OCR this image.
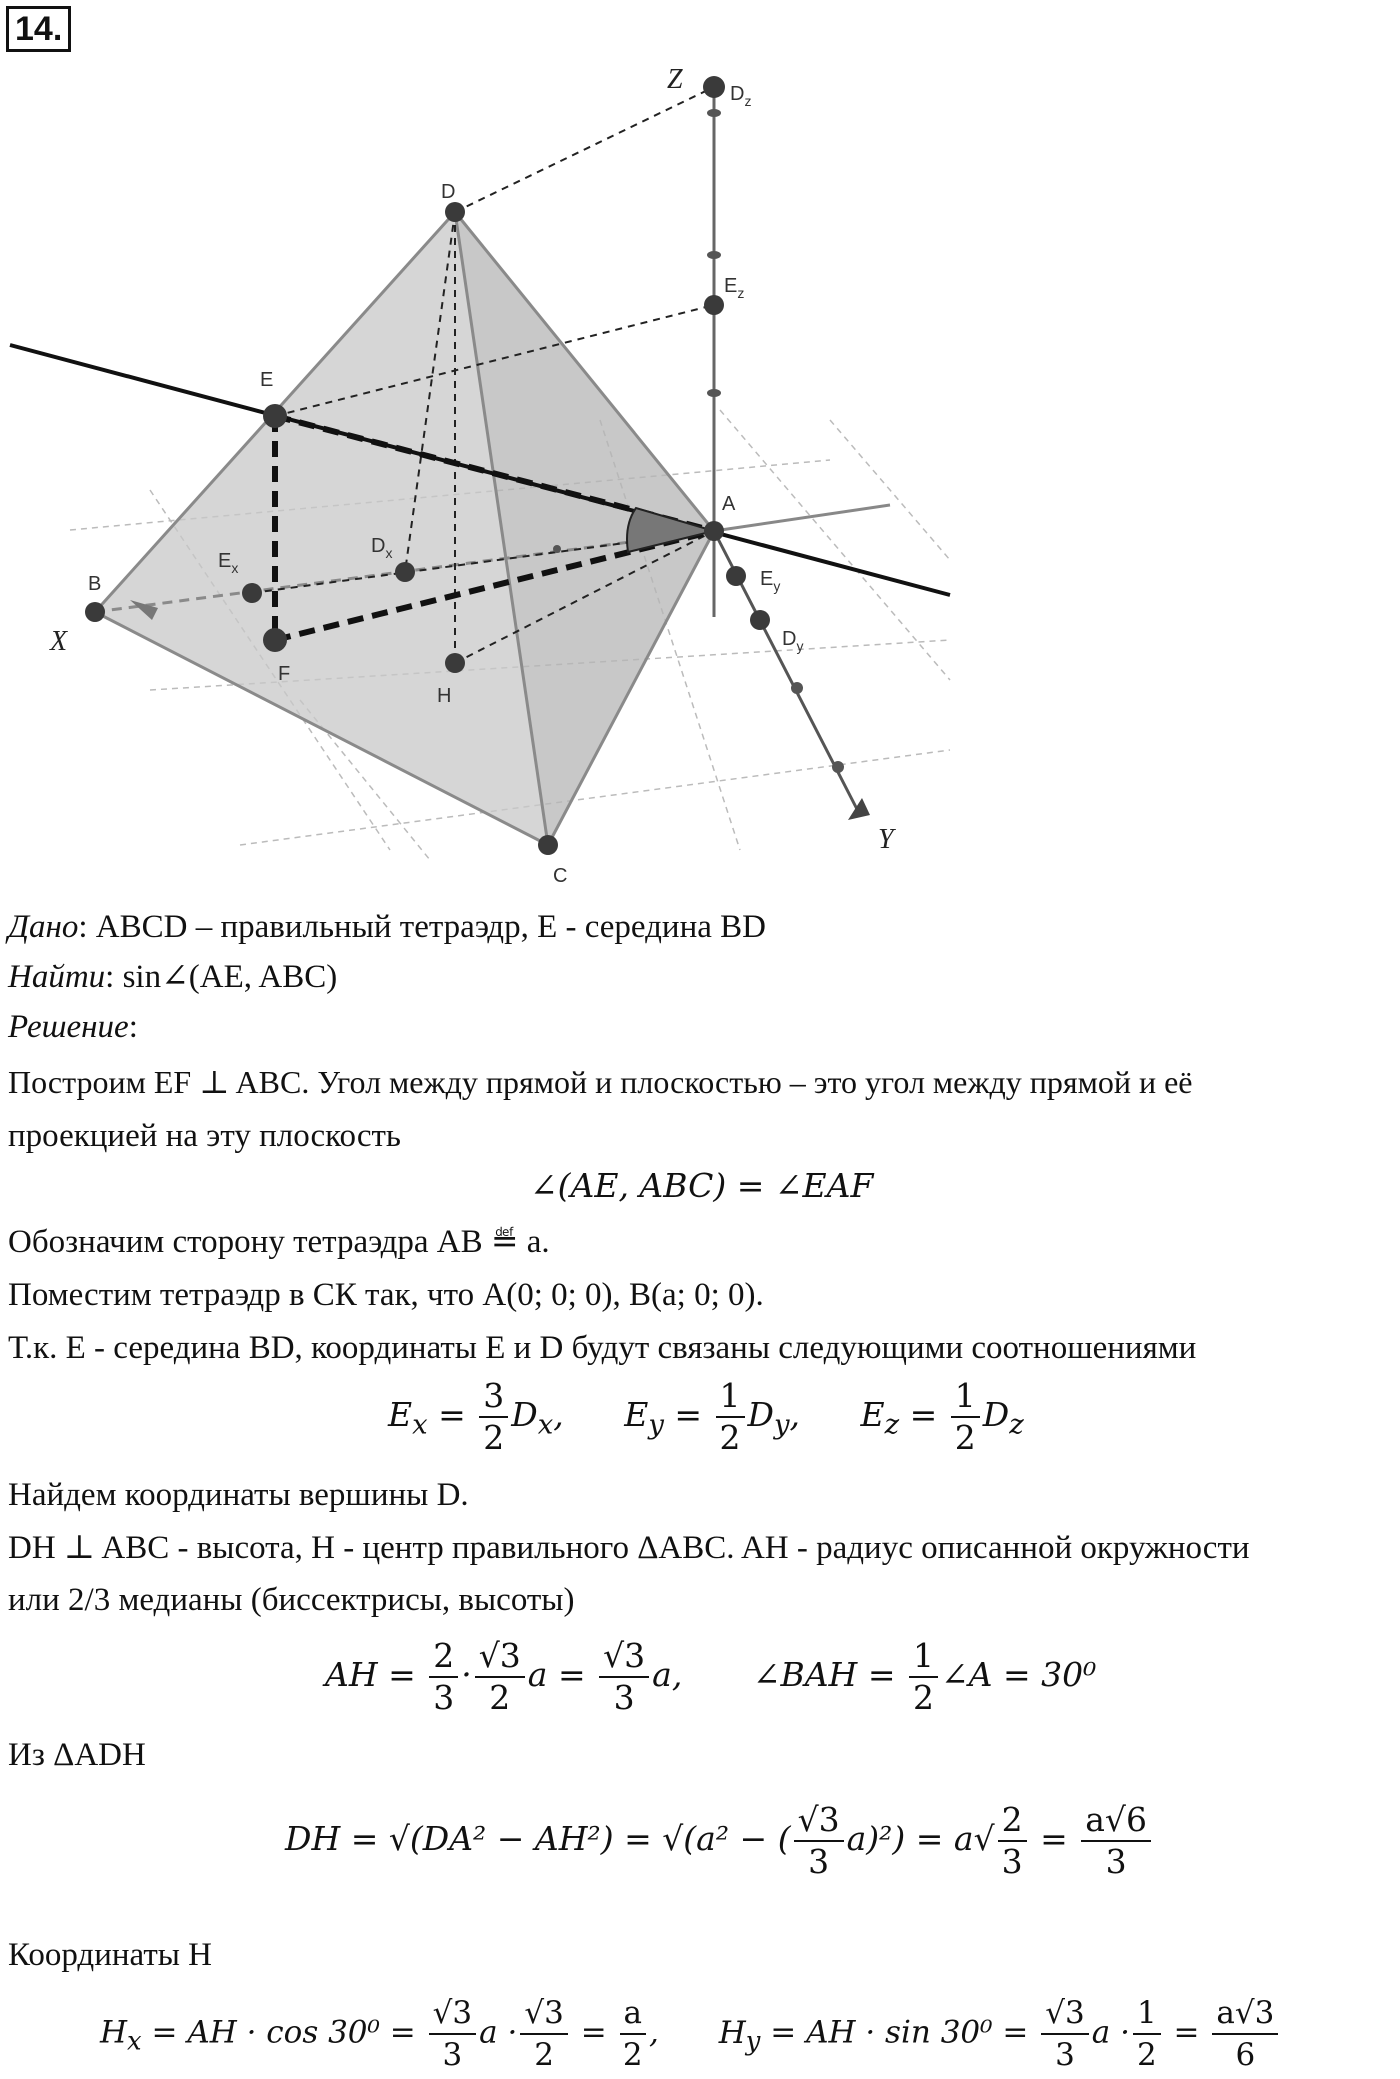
14.
D
E
A
B
C
H
F
$E_x$
$D_x$
$E_y$
$D_y$
$E_z$
$D_z$
X
Y
Z
Дано: ABCD – правильный тетраэдр, E - середина BD
Найти: sin∠(AE, ABC)
Решение:
Построим EF ⊥ ABC. Угол между прямой и плоскостью – это угол между прямой и её
проекцией на эту плоскость
∠(AE, ABC) = ∠EAF
Обозначим сторону тетраэдра AB ≝ a.
Поместим тетраэдр в СК так, что A(0; 0; 0), B(a; 0; 0).
Т.к. E - середина BD, координаты E и D будут связаны следующими соотношениями
$E_x = \frac{3}{2} D_x$, $E_y = \frac{1}{2} D_y$, $E_z = \frac{1}{2} D_z$
Найдем координаты вершины D.
DH ⊥ ABC - высота, H - центр правильного ΔABC. AH - радиус описанной окружности
или 2/3 медианы (биссектрисы, высоты)
AH = $\frac{2}{3} \cdot \frac{√3}{2}$ $a = \frac{√3}{3} a$, ∠BAH = $\frac{1}{2}$ ∠A = 30⁰
Из ΔADH
DH = √(DA² − AH²) = √(a² − ( $\frac{√3}{3} a)^2) = a√ \frac{2}{3} = \frac{a√6}{3}$
Координаты H
$H_x$ = AH · $\cos 30^0 = \frac{√3}{3}$ $a \cdot \frac{√3}{2} = \frac{a}{2}$ , $H_y$ = AH · $\sin 30^0 = \frac{√3}{3}$ $a \cdot \frac{1}{2} = \frac{a√3}{6}$
